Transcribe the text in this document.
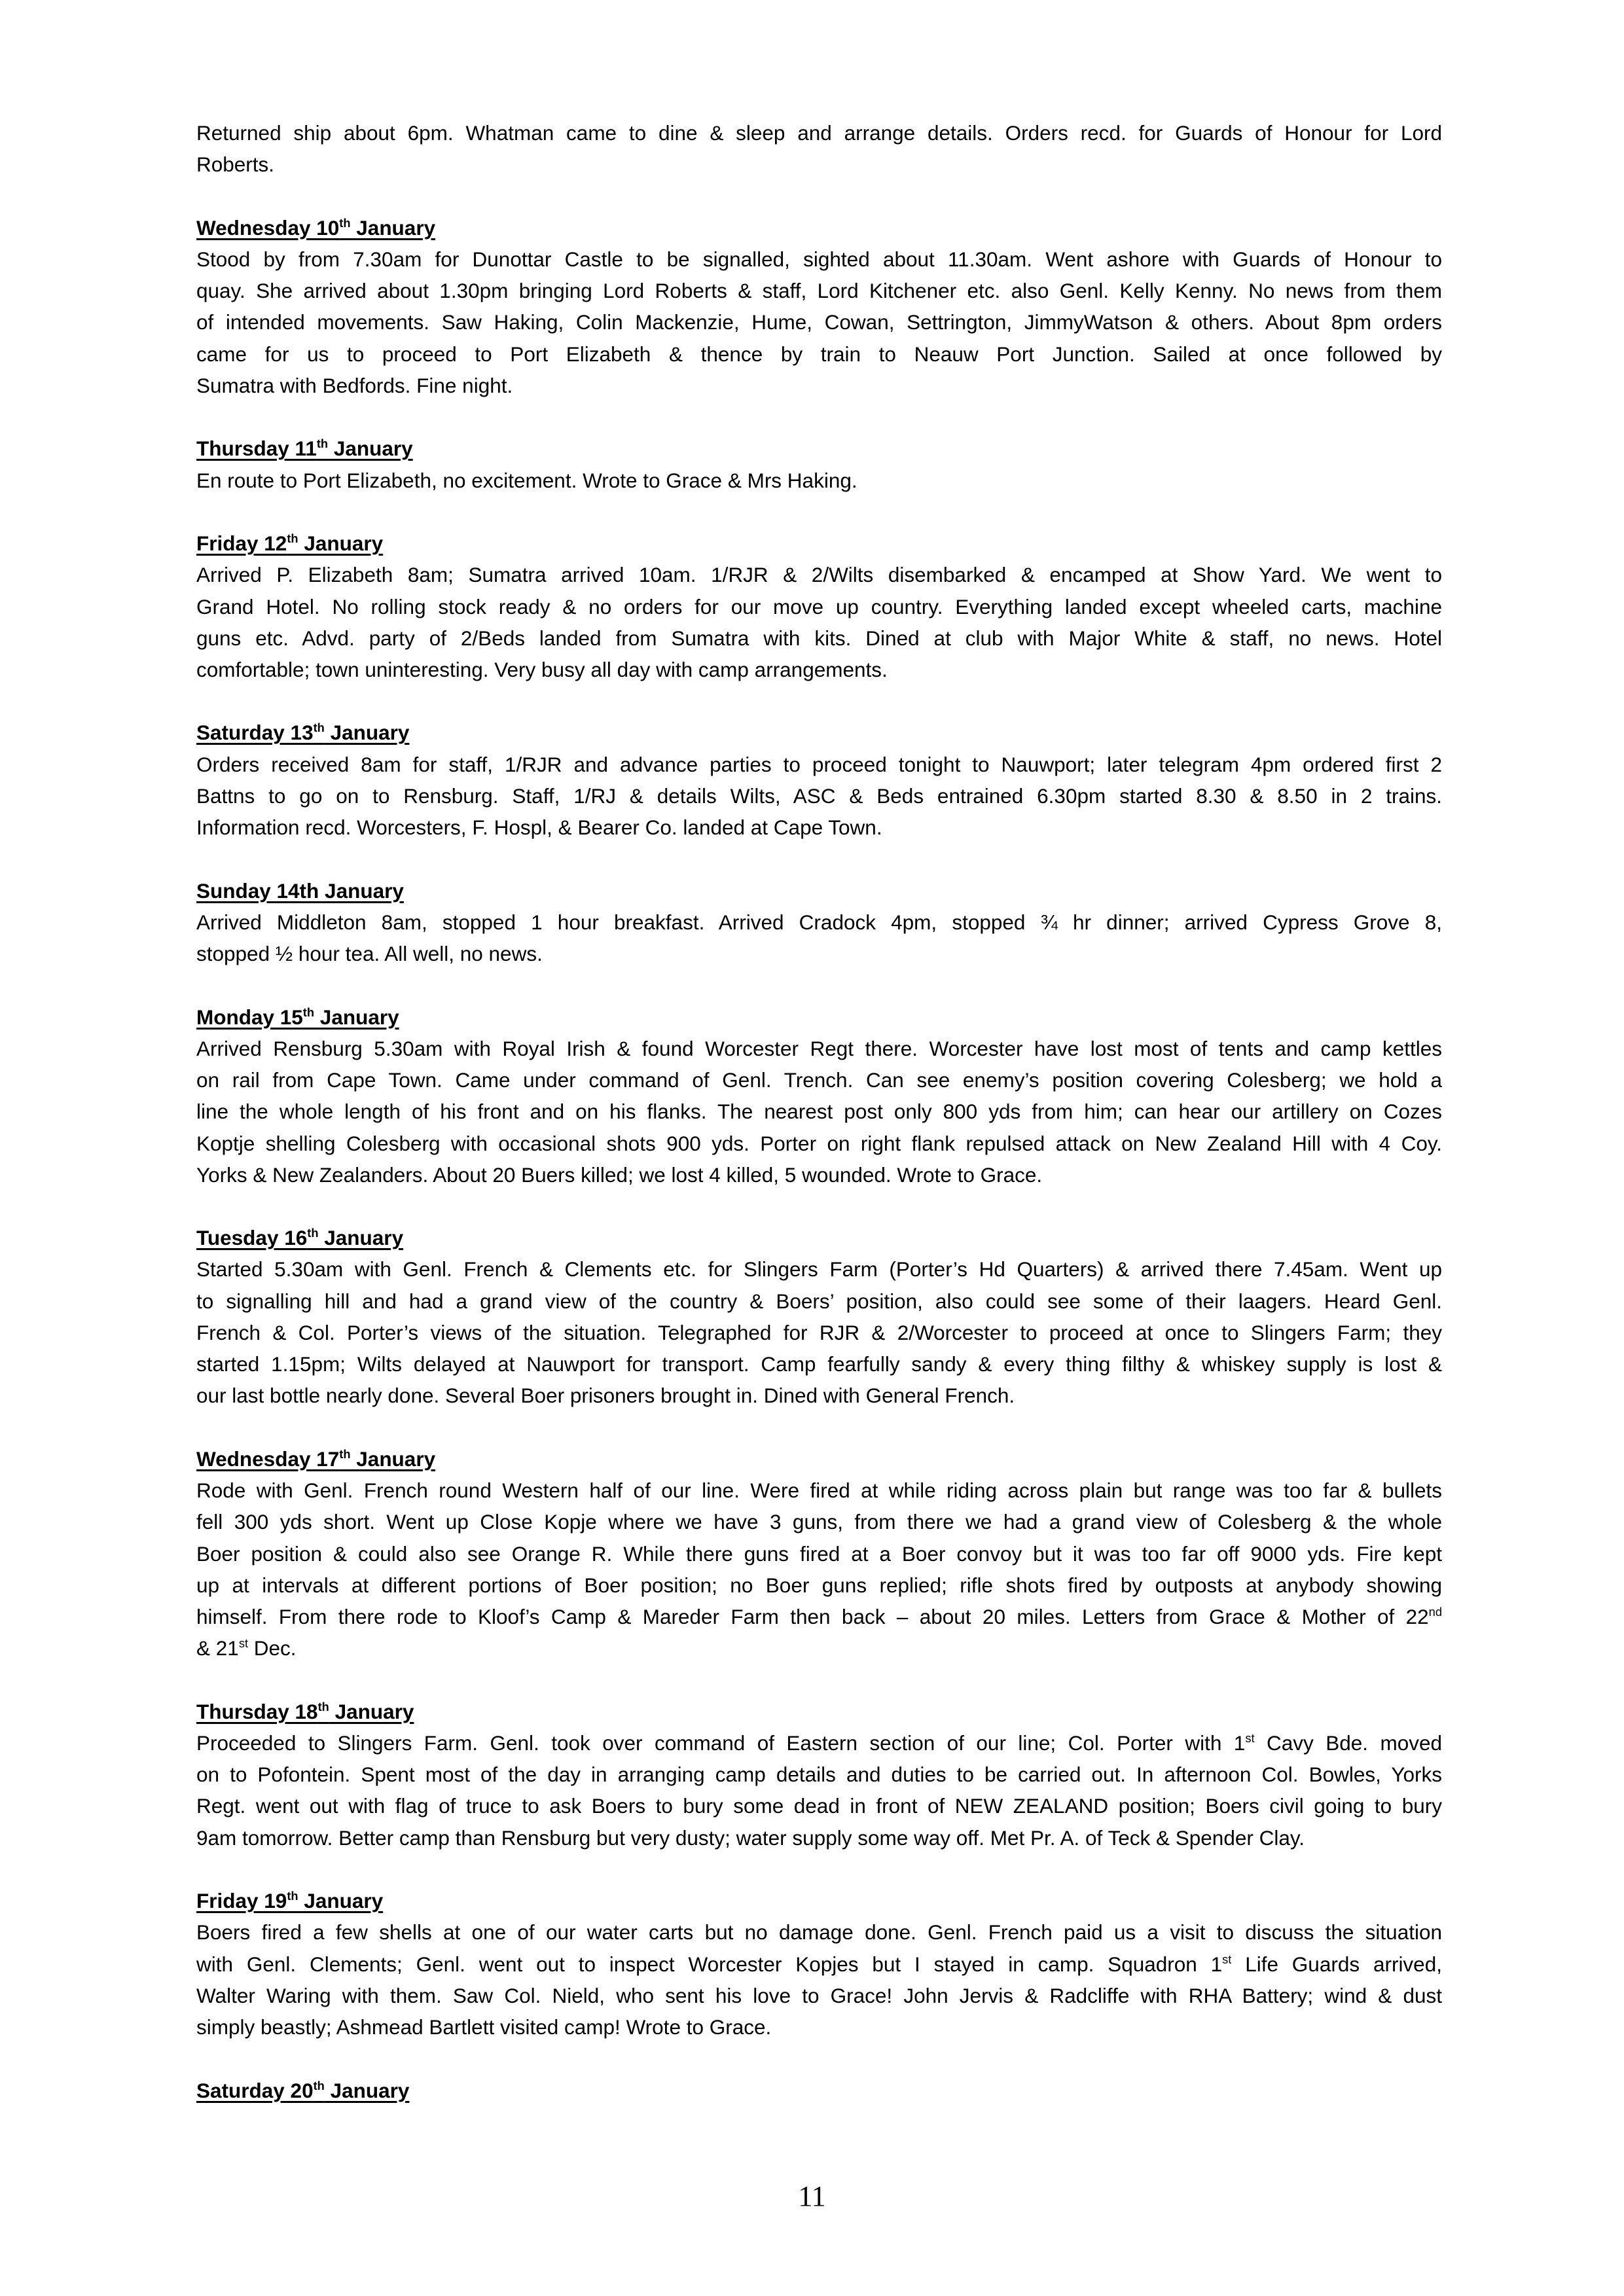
Returned ship about 6pm. Whatman came to dine & sleep and arrange details. Orders recd. for Guards of Honour for Lord
Roberts.
Wednesday 10th January
Stood by from 7.30am for Dunottar Castle to be signalled, sighted about 11.30am. Went ashore with Guards of Honour to
quay. She arrived about 1.30pm bringing Lord Roberts & staff, Lord Kitchener etc. also Genl. Kelly Kenny. No news from them
of intended movements. Saw Haking, Colin Mackenzie, Hume, Cowan, Settrington, JimmyWatson & others. About 8pm orders
came for us to proceed to Port Elizabeth & thence by train to Neauw Port Junction. Sailed at once followed by
Sumatra with Bedfords. Fine night.
Thursday 11th January
En route to Port Elizabeth, no excitement. Wrote to Grace & Mrs Haking.
Friday 12th January
Arrived P. Elizabeth 8am; Sumatra arrived 10am. 1/RJR & 2/Wilts disembarked & encamped at Show Yard. We went to
Grand Hotel. No rolling stock ready & no orders for our move up country. Everything landed except wheeled carts, machine
guns etc. Advd. party of 2/Beds landed from Sumatra with kits. Dined at club with Major White & staff, no news. Hotel
comfortable; town uninteresting. Very busy all day with camp arrangements.
Saturday 13th January
Orders received 8am for staff, 1/RJR and advance parties to proceed tonight to Nauwport; later telegram 4pm ordered first 2
Battns to go on to Rensburg. Staff, 1/RJ & details Wilts, ASC & Beds entrained 6.30pm started 8.30 & 8.50 in 2 trains.
Information recd. Worcesters, F. Hospl, & Bearer Co. landed at Cape Town.
Sunday 14th January
Arrived Middleton 8am, stopped 1 hour breakfast. Arrived Cradock 4pm, stopped ¾ hr dinner; arrived Cypress Grove 8,
stopped ½ hour tea. All well, no news.
Monday 15th January
Arrived Rensburg 5.30am with Royal Irish & found Worcester Regt there. Worcester have lost most of tents and camp kettles
on rail from Cape Town. Came under command of Genl. Trench. Can see enemy’s position covering Colesberg; we hold a
line the whole length of his front and on his flanks. The nearest post only 800 yds from him; can hear our artillery on Cozes
Koptje shelling Colesberg with occasional shots 900 yds. Porter on right flank repulsed attack on New Zealand Hill with 4 Coy.
Yorks & New Zealanders. About 20 Buers killed; we lost 4 killed, 5 wounded. Wrote to Grace.
Tuesday 16th January
Started 5.30am with Genl. French & Clements etc. for Slingers Farm (Porter’s Hd Quarters) & arrived there 7.45am. Went up
to signalling hill and had a grand view of the country & Boers’ position, also could see some of their laagers. Heard Genl.
French & Col. Porter’s views of the situation. Telegraphed for RJR & 2/Worcester to proceed at once to Slingers Farm; they
started 1.15pm; Wilts delayed at Nauwport for transport. Camp fearfully sandy & every thing filthy & whiskey supply is lost &
our last bottle nearly done. Several Boer prisoners brought in. Dined with General French.
Wednesday 17th January
Rode with Genl. French round Western half of our line. Were fired at while riding across plain but range was too far & bullets
fell 300 yds short. Went up Close Kopje where we have 3 guns, from there we had a grand view of Colesberg & the whole
Boer position & could also see Orange R. While there guns fired at a Boer convoy but it was too far off 9000 yds. Fire kept
up at intervals at different portions of Boer position; no Boer guns replied; rifle shots fired by outposts at anybody showing
himself. From there rode to Kloof’s Camp & Mareder Farm then back – about 20 miles. Letters from Grace & Mother of 22nd
& 21st Dec.
Thursday 18th January
Proceeded to Slingers Farm. Genl. took over command of Eastern section of our line; Col. Porter with 1st Cavy Bde. moved
on to Pofontein. Spent most of the day in arranging camp details and duties to be carried out. In afternoon Col. Bowles, Yorks
Regt. went out with flag of truce to ask Boers to bury some dead in front of NEW ZEALAND position; Boers civil going to bury
9am tomorrow. Better camp than Rensburg but very dusty; water supply some way off. Met Pr. A. of Teck & Spender Clay.
Friday 19th January
Boers fired a few shells at one of our water carts but no damage done. Genl. French paid us a visit to discuss the situation
with Genl. Clements; Genl. went out to inspect Worcester Kopjes but I stayed in camp. Squadron 1st Life Guards arrived,
Walter Waring with them. Saw Col. Nield, who sent his love to Grace! John Jervis & Radcliffe with RHA Battery; wind & dust
simply beastly; Ashmead Bartlett visited camp! Wrote to Grace.
Saturday 20th January
11
